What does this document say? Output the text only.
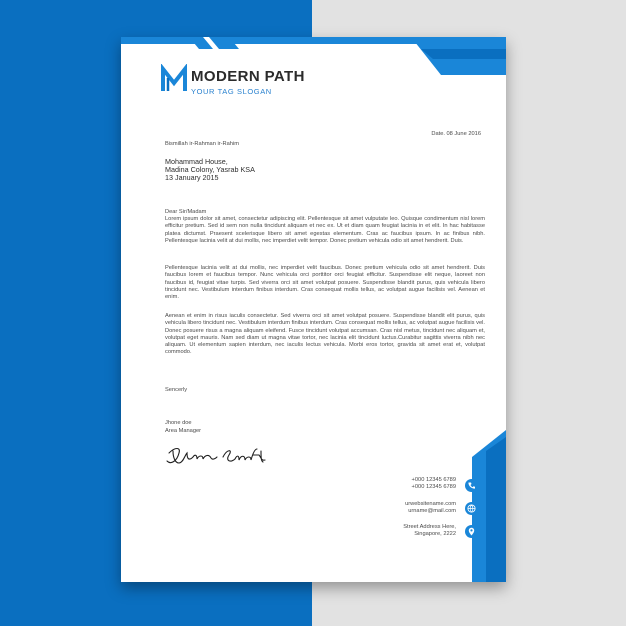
MODERN PATH
YOUR TAG SLOGAN
Date. 08 June 2016
Bismillah ir-Rahman ir-Rahim
Mohammad House,
Madina Colony, Yasrab KSA
13 January 2015
Dear Sir/Madam
Lorem ipsum dolor sit amet, consectetur adipiscing elit. Pellentesque sit amet vulputate leo. Quisque condimentum nisl lorem efficitur pretium. Sed id sem non nulla tincidunt aliquam et nec ex. Ut et diam quam feugiat lacinia in et elit. In hac habitasse platea dictumst. Praesent scelerisque libero sit amet egestas elementum. Cras ac faucibus ipsum. In ac finibus nibh. Pellentesque lacinia velit at dui mollis, nec imperdiet velit tempor. Donec pretium vehicula odio sit amet hendrerit. Duis.
Pellentesque lacinia velit at dui mollis, nec imperdiet velit faucibus. Donec pretium vehicula odio sit amet hendrerit. Duis faucibus lorem et faucibus tempor. Nunc vehicula orci porttitor orci feugiat efficitur. Suspendisse elit neque, laoreet non faucibus id, feugiat vitae turpis. Sed viverra orci sit amet volutpat posuere. Suspendisse blandit purus, quis vehicula libero tincidunt nec. Vestibulum interdum finibus interdum. Cras consequat mollis tellus, ac volutpat augue facilisis vel. Aenean et enim.
Aenean et enim in risus iaculis consectetur. Sed viverra orci sit amet volutpat posuere. Suspendisse blandit elit purus, quis vehicula libero tincidunt nec. Vestibulum interdum finibus interdum. Cras consequat mollis tellus, ac volutpat augue facilisis vel. Donec posuere risus a magna aliquam eleifend. Fusce tincidunt volutpat accumsan. Cras nisl metus, tincidunt nec aliquam et, volutpat eget mauris. Nam sed diam ut magna vitae tortor, nec lacinia elit tincidunt luctus.Curabitur sagittis viverra nibh nec aliquam. Ut elementum sapien interdum, nec iaculis lectus vehicula. Morbi eros tortor, gravida sit amet erat et, volutpat commodo.
Sencerly
Jhone doe
Area Manager
+000 12345 6789
+000 12345 6789
urwebsitename.com
urname@mail.com
Street Address Here,
Singapore, 2222
